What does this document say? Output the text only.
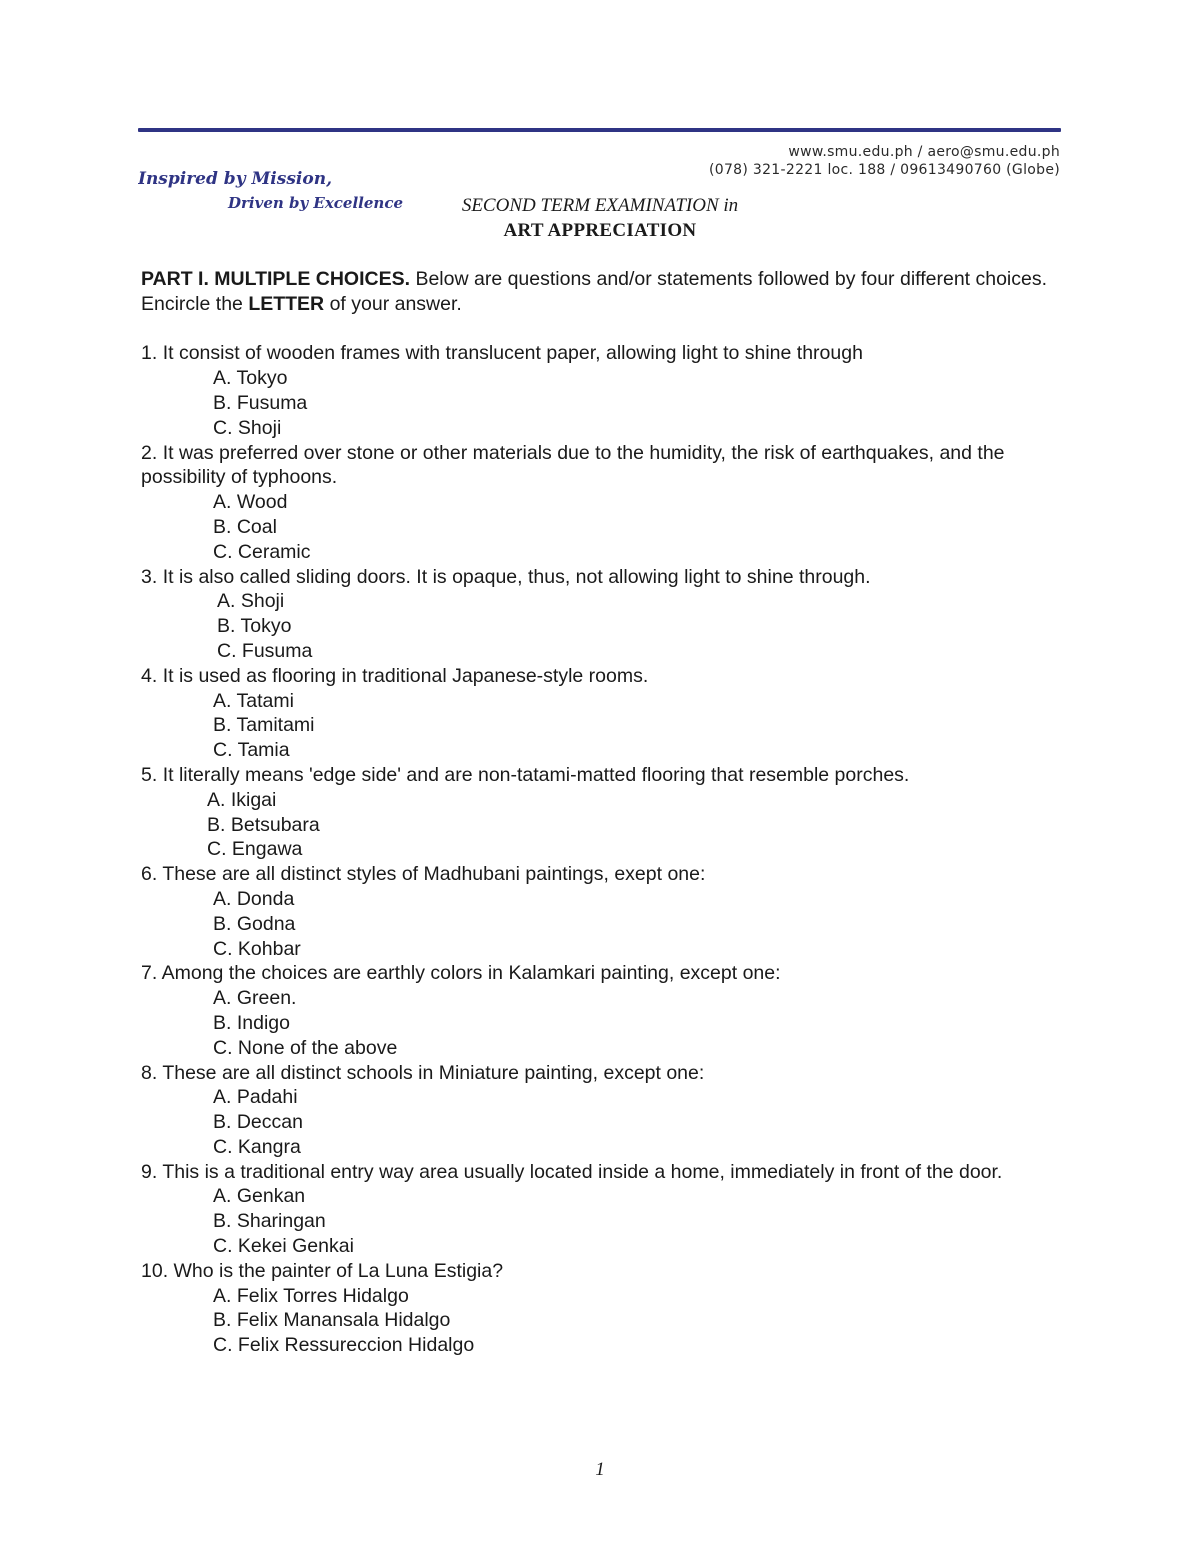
Inspired by Mission,
Driven by Excellence
www.smu.edu.ph / aero@smu.edu.ph
(078) 321-2221 loc. 188 / 09613490760 (Globe)
SECOND TERM EXAMINATION in
ART APPRECIATION

PART I. MULTIPLE CHOICES. Below are questions and/or statements followed by four different choices. Encircle the LETTER of your answer.

1. It consist of wooden frames with translucent paper, allowing light to shine through

A. Tokyo
B. Fusuma
C. Shoji

2. It was preferred over stone or other materials due to the humidity, the risk of earthquakes, and the possibility of typhoons.

A. Wood
B. Coal
C. Ceramic

3. It is also called sliding doors. It is opaque, thus, not allowing light to shine through.

A. Shoji
B. Tokyo
C. Fusuma

4. It is used as flooring in traditional Japanese-style rooms.

A. Tatami
B. Tamitami
C. Tamia

5. It literally means 'edge side' and are non-tatami-matted flooring that resemble porches.

A. Ikigai
B. Betsubara
C. Engawa

6. These are all distinct styles of Madhubani paintings, exept one:

A. Donda
B. Godna
C. Kohbar

7. Among the choices are earthly colors in Kalamkari painting, except one:

A. Green.
B. Indigo
C. None of the above

8. These are all distinct schools in Miniature painting, except one:

A. Padahi
B. Deccan
C. Kangra

9. This is a traditional entry way area usually located inside a home, immediately in front of the door.

A. Genkan
B. Sharingan
C. Kekei Genkai

10. Who is the painter of La Luna Estigia?

A. Felix Torres Hidalgo
B. Felix Manansala Hidalgo
C. Felix Ressureccion Hidalgo
1
